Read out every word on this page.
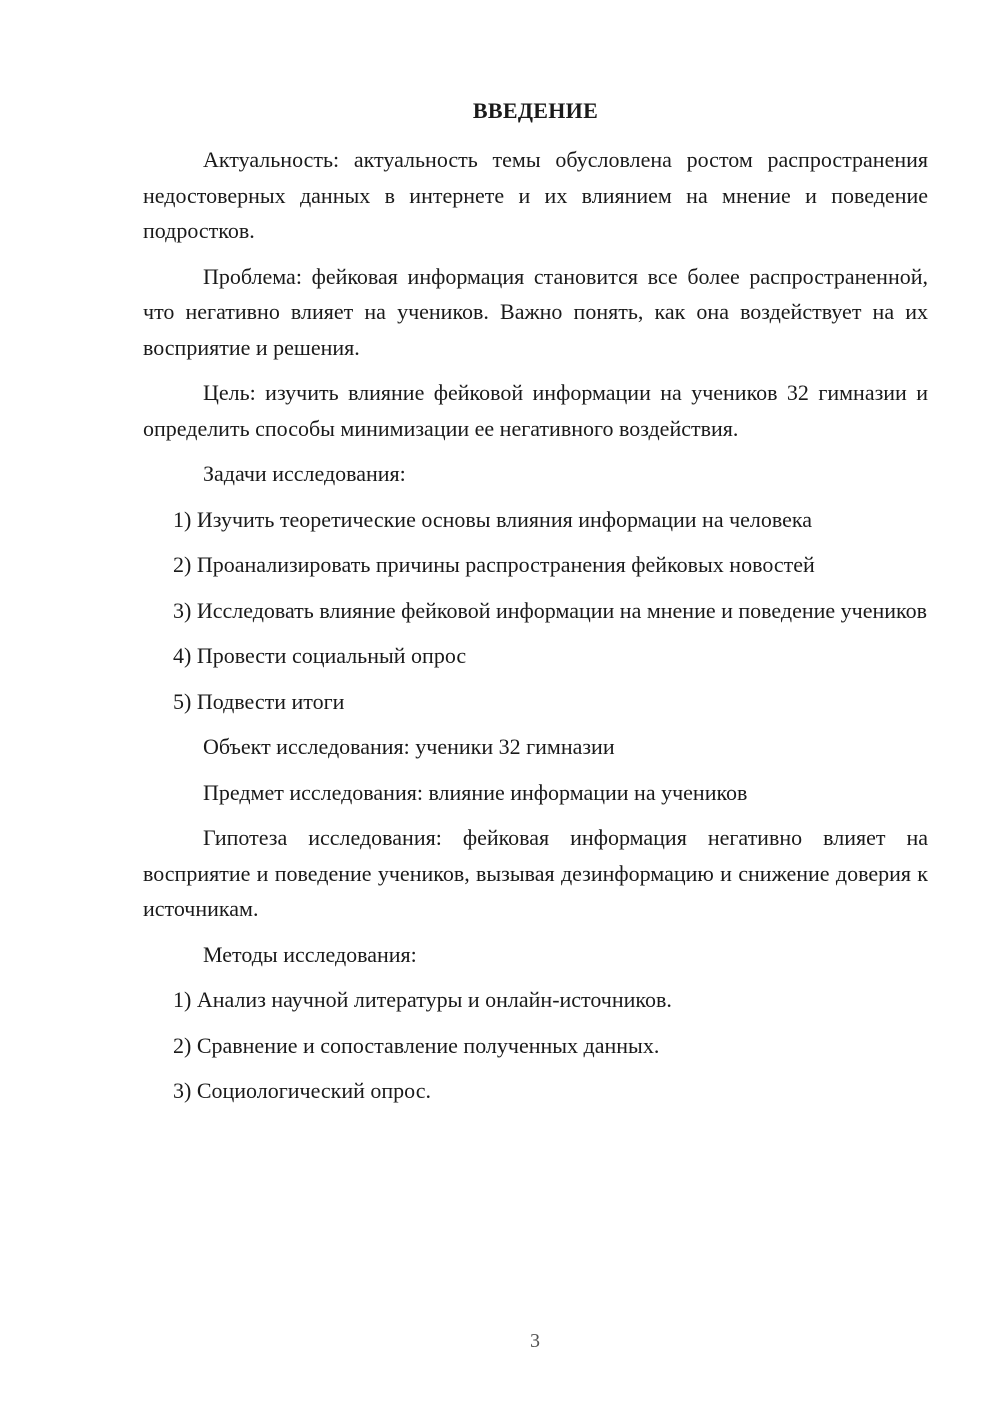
ВВЕДЕНИЕ

Актуальность: актуальность темы обусловлена ростом распространения недостоверных данных в интернете и их влиянием на мнение и поведение подростков.

Проблема: фейковая информация становится все более распространенной, что негативно влияет на учеников. Важно понять, как она воздействует на их восприятие и решения.

Цель: изучить влияние фейковой информации на учеников 32 гимназии и определить способы минимизации ее негативного воздействия.

Задачи исследования:

1) Изучить теоретические основы влияния информации на человека

2) Проанализировать причины распространения фейковых новостей

3) Исследовать влияние фейковой информации на мнение и поведение учеников

4) Провести социальный опрос

5) Подвести итоги

Объект исследования: ученики 32 гимназии

Предмет исследования: влияние информации на учеников

Гипотеза исследования: фейковая информация негативно влияет на восприятие и поведение учеников, вызывая дезинформацию и снижение доверия к источникам.

Методы исследования:

1) Анализ научной литературы и онлайн-источников.

2) Сравнение и сопоставление полученных данных.

3) Социологический опрос.

3
